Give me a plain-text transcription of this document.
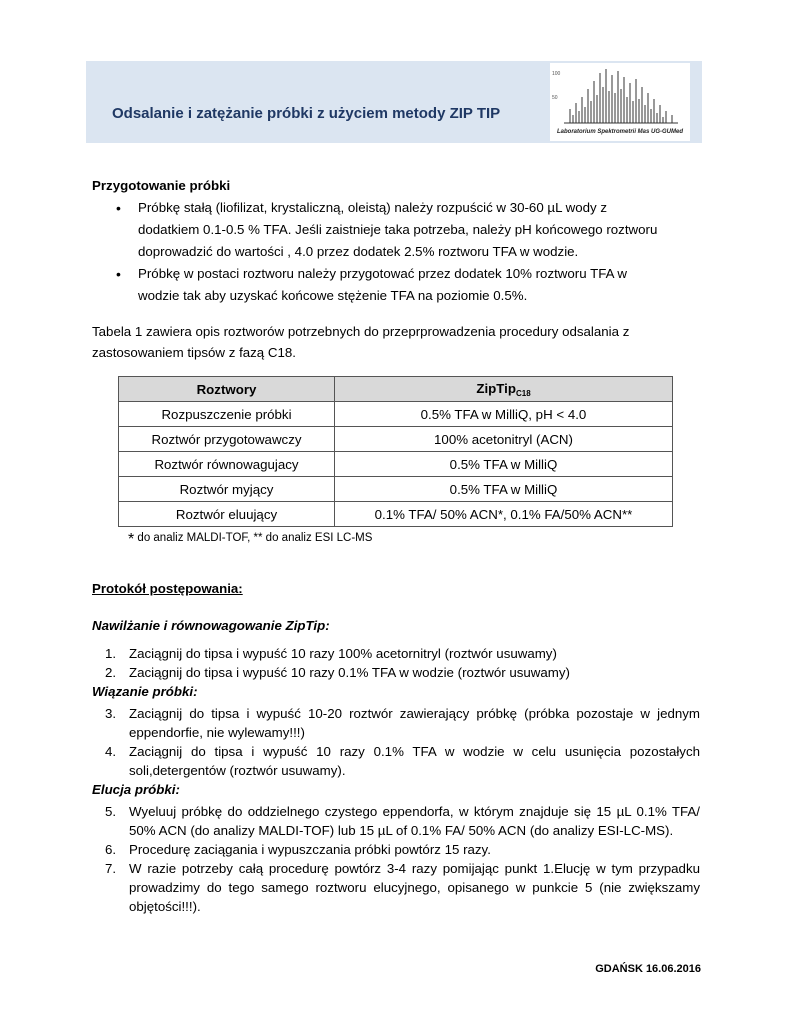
Odsalanie i zatężanie próbki z użyciem metody ZIP TIP
100
50
Laboratorium Spektrometrii Mas UG-GUMed
Przygotowanie próbki
• Próbkę stałą (liofilizat, krystaliczną, oleistą) należy rozpuścić w 30-60 µL wody z
dodatkiem 0.1-0.5 % TFA. Jeśli zaistnieje taka potrzeba, należy pH końcowego roztworu
doprowadzić do wartości , 4.0 przez dodatek 2.5% roztworu TFA w wodzie.
• Próbkę w postaci roztworu należy przygotować przez dodatek 10% roztworu TFA w
wodzie tak aby uzyskać końcowe stężenie TFA na poziomie 0.5%.
Tabela 1 zawiera opis roztworów potrzebnych do przeprprowadzenia procedury odsalania z
zastosowaniem tipsów z fazą C18.
Roztwory	ZipTip$_{C18}$
Rozpuszczenie próbki	0.5% TFA w MilliQ, pH < 4.0
Roztwór przygotowawczy	100% acetonitryl (ACN)
Roztwór równowagujacy	0.5% TFA w MilliQ
Roztwór myjący	0.5% TFA w MilliQ
Roztwór eluujący	0.1% TFA/ 50% ACN*, 0.1% FA/50% ACN**
* do analiz MALDI-TOF, ** do analiz ESI LC-MS
Protokół postępowania:
Nawilżanie i równowagowanie ZipTip:
1. Zaciągnij do tipsa i wypuść 10 razy 100% acetornitryl (roztwór usuwamy)
2. Zaciągnij do tipsa i wypuść 10 razy 0.1% TFA w wodzie (roztwór usuwamy)
Wiązanie próbki:
3. Zaciągnij do tipsa i wypuść 10-20 roztwór zawierający próbkę (próbka pozostaje w jednym eppendorfie, nie wylewamy!!!)
4. Zaciągnij do tipsa i wypuść 10 razy 0.1% TFA w wodzie w celu usunięcia pozostałych soli,detergentów (roztwór usuwamy).
Elucja próbki:
5. Wyeluuj próbkę do oddzielnego czystego eppendorfa, w którym znajduje się 15 µL 0.1% TFA/ 50% ACN (do analizy MALDI-TOF) lub 15 µL of 0.1% FA/ 50% ACN (do analizy ESI-LC-MS).
6. Procedurę zaciągania i wypuszczania próbki powtórz 15 razy.
7. W razie potrzeby całą procedurę powtórz 3-4 razy pomijając punkt 1.Elucję w tym przypadku prowadzimy do tego samego roztworu elucyjnego, opisanego w punkcie 5 (nie zwiększamy objętości!!!).
GDAŃSK 16.06.2016
